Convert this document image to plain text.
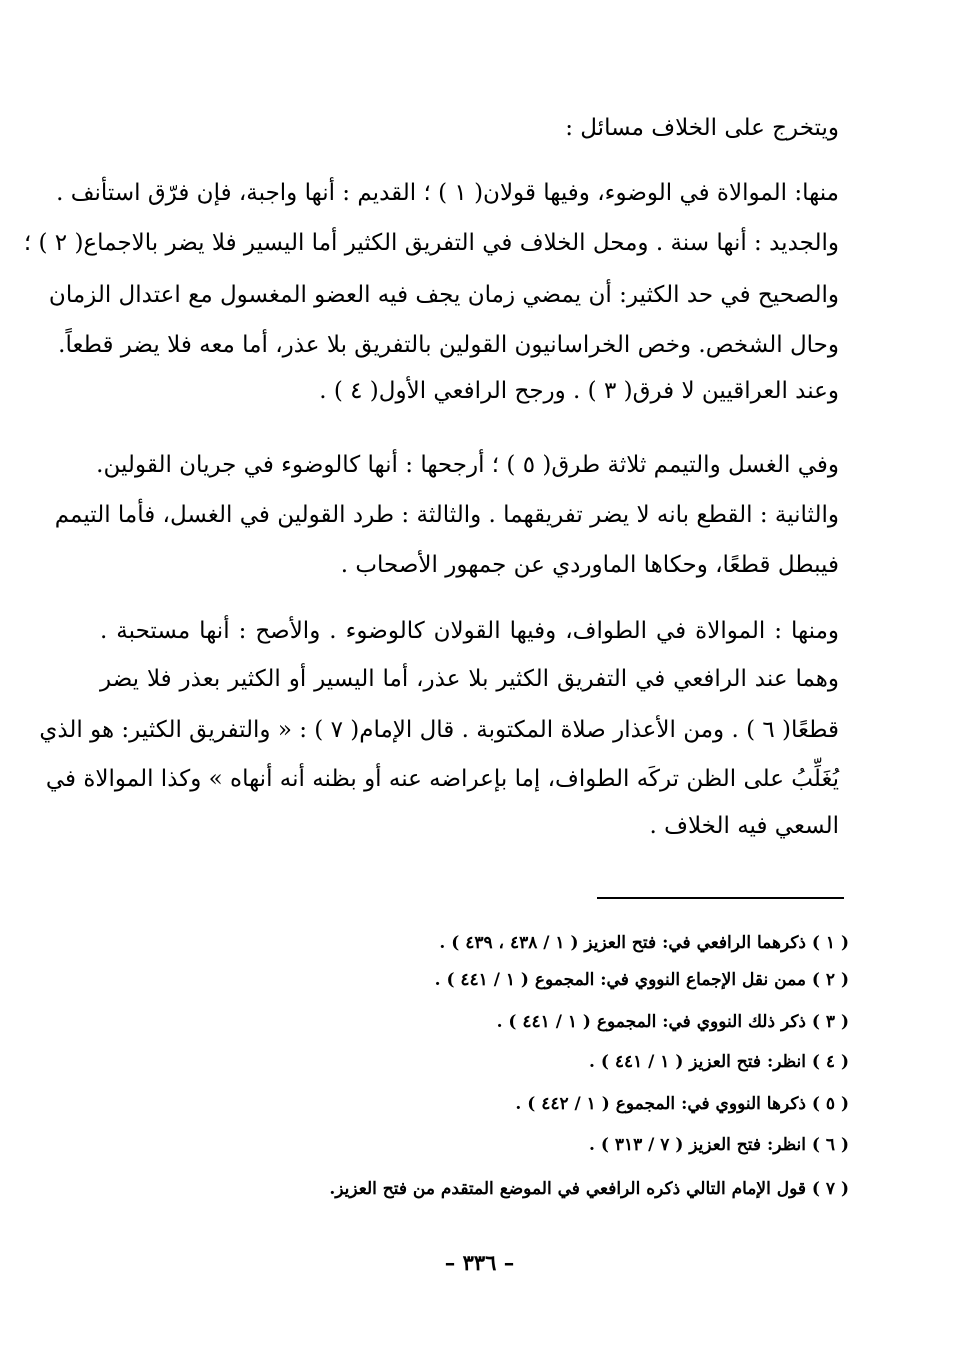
ويتخرج على الخلاف مسائل :
منها: الموالاة في الوضوء، وفيها قولان( ١ ) ؛ القديم : أنها واجبة، فإن فرّق استأنف .
والجديد : أنها سنة . ومحل الخلاف في التفريق الكثير أما اليسير فلا يضر بالاجماع( ٢ ) ؛
والصحيح في حد الكثير: أن يمضي زمان يجف فيه العضو المغسول مع اعتدال الزمان
وحال الشخص. وخص الخراسانيون القولين بالتفريق بلا عذر، أما معه فلا يضر قطعاً.
وعند العراقيين لا فرق( ٣ ) . ورجح الرافعي الأول( ٤ ) .
وفي الغسل والتيمم ثلاثة طرق( ٥ ) ؛ أرجحها : أنها كالوضوء في جريان القولين.
والثانية : القطع بانه لا يضر تفريقهما . والثالثة : طرد القولين في الغسل، فأما التيمم
فيبطل قطعًا، وحكاها الماوردي عن جمهور الأصحاب .
ومنها : الموالاة في الطواف، وفيها القولان كالوضوء . والأصح : أنها مستحبة .
وهما عند الرافعي في التفريق الكثير بلا عذر، أما اليسير أو الكثير بعذر فلا يضر
قطعًا( ٦ ) . ومن الأعذار صلاة المكتوبة . قال الإمام( ٧ ) : « والتفريق الكثير: هو الذي
يُغَلِّبُ على الظن تركَه الطواف، إما بإعراضه عنه أو بظنه أنه أنهاه » وكذا الموالاة في
السعي فيه الخلاف .
( ١ ) ذكرهما الرافعي في: فتح العزيز ( ١ / ٤٣٨ ، ٤٣٩ ) .
( ٢ ) ممن نقل الإجماع النووي في: المجموع ( ١ / ٤٤١ ) .
( ٣ ) ذكر ذلك النووي في: المجموع ( ١ / ٤٤١ ) .
( ٤ ) انظر: فتح العزيز ( ١ / ٤٤١ ) .
( ٥ ) ذكرها النووي في: المجموع ( ١ / ٤٤٢ ) .
( ٦ ) انظر: فتح العزيز ( ٧ / ٣١٣ ) .
( ٧ ) قول الإمام التالي ذكره الرافعي في الموضع المتقدم من فتح العزيز.
– ٣٣٦ –
